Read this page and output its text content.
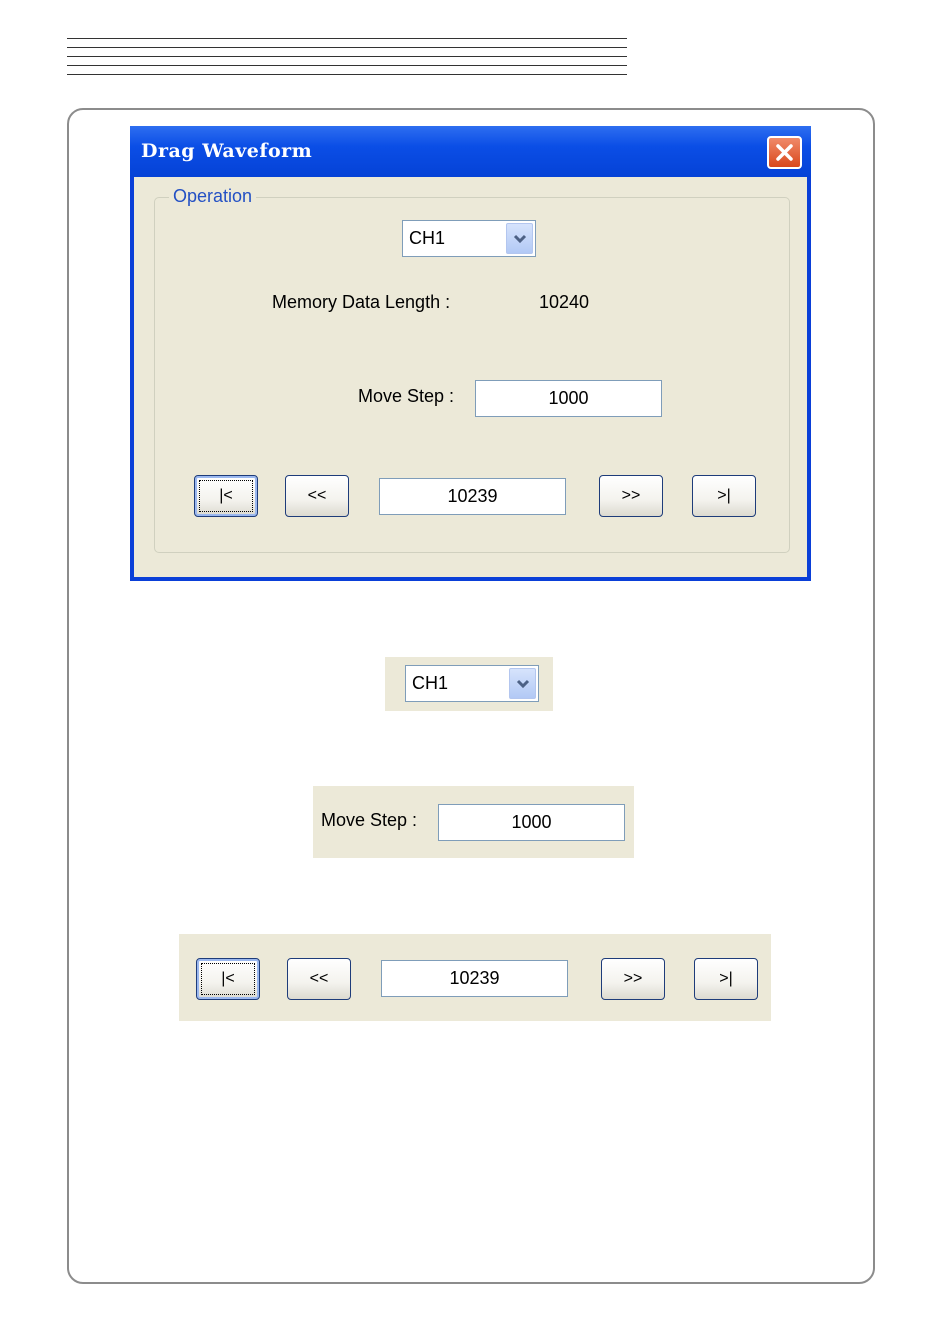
Drag Waveform
Operation
CH1
Memory Data Length :	10240
Move Step :	1000
|<	<<	10239	>>	>|
CH1
Move Step :	1000
|<	<<	10239	>>	>|
